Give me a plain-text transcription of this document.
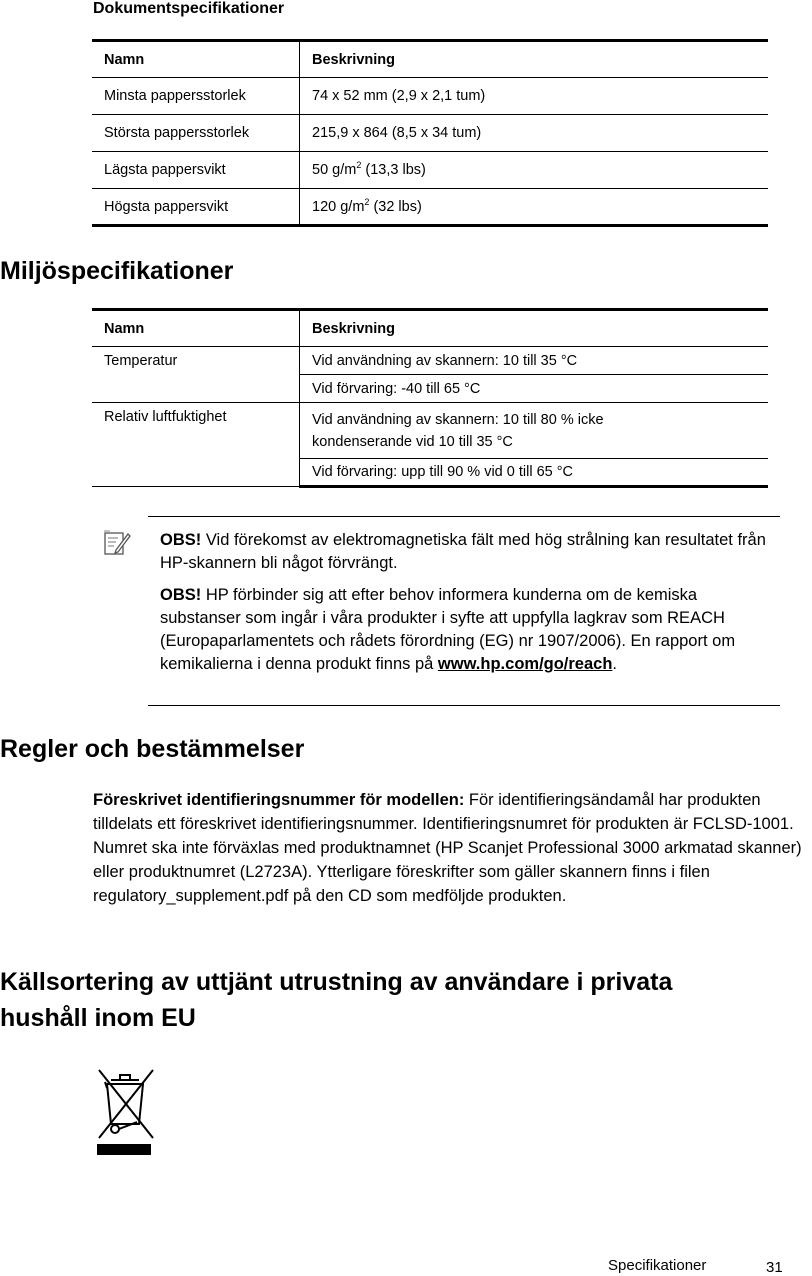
Dokumentspecifikationer
Namn	Beskrivning
Minsta pappersstorlek	74 x 52 mm (2,9 x 2,1 tum)
Största pappersstorlek	215,9 x 864 (8,5 x 34 tum)
Lägsta pappersvikt	50 $g/m^2$ (13,3 lbs)
Högsta pappersvikt	120 $g/m^2$ (32 lbs)
Miljöspecifikationer
Namn	Beskrivning
Temperatur	Vid användning av skannern: 10 till 35 °C
	Vid förvaring: -40 till 65 °C
Relativ luftfuktighet	Vid användning av skannern: 10 till 80 % icke
kondenserande vid 10 till 35 °C
	Vid förvaring: upp till 90 % vid 0 till 65 °C
OBS! Vid förekomst av elektromagnetiska fält med hög strålning kan resultatet från HP-skannern bli något förvrängt.
OBS! HP förbinder sig att efter behov informera kunderna om de kemiska substanser som ingår i våra produkter i syfte att uppfylla lagkrav som REACH (Europaparlamentets och rådets förordning (EG) nr 1907/2006). En rapport om kemikalierna i denna produkt finns på www.hp.com/go/reach.
Regler och bestämmelser
Föreskrivet identifieringsnummer för modellen: För identifieringsändamål har produkten tilldelats ett föreskrivet identifieringsnummer. Identifieringsnumret för produkten är FCLSD-1001. Numret ska inte förväxlas med produktnamnet (HP Scanjet Professional 3000 arkmatad skanner) eller produktnumret (L2723A). Ytterligare föreskrifter som gäller skannern finns i filen regulatory_supplement.pdf på den CD som medföljde produkten.
Källsortering av uttjänt utrustning av användare i privata
hushåll inom EU
Specifikationer	31
